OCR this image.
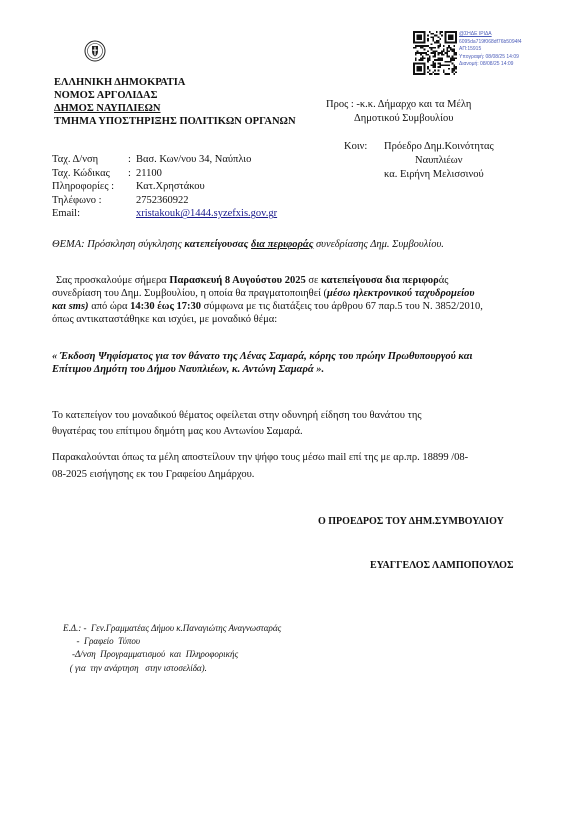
@ΣΗΔΕ ΙΡΙΔΑ
6095da719f068df76b5094f4
ΑΠ:15915
Υπογραφή: 08/08/25 14:09
Διανομή: 08/08/25 14:09
ΕΛΛΗΝΙΚΗ ΔΗΜΟΚΡΑΤΙΑ
ΝΟΜΟΣ ΑΡΓΟΛΙΔΑΣ
ΔΗΜΟΣ ΝΑΥΠΛΙΕΩΝ
ΤΜΗΜΑ ΥΠΟΣΤΗΡΙΞΗΣ ΠΟΛΙΤΙΚΩΝ ΟΡΓΑΝΩΝ
Προς : -κ.κ. Δήμαρχο και τα Μέλη
Δημοτικού Συμβουλίου
Κοιν: Πρόεδρο Δημ.Κοινότητας
Ναυπλιέων
κα. Ειρήνη Μελισσινού
Ταχ. Δ/νση	: Βασ. Κων/νου 34, Ναύπλιο
Ταχ. Κώδικας	: 21100
Πληροφορίες :	Κατ.Χρηστάκου
Τηλέφωνο :	2752360922
Email:	xristakouk@1444.syzefxis.gov.gr
ΘΕΜΑ: Πρόσκληση σύγκλησης κατεπείγουσας δια περιφοράς συνεδρίασης Δημ. Συμβουλίου.
Σας προσκαλούμε σήμερα Παρασκευή 8 Αυγούστου 2025 σε κατεπείγουσα δια περιφοράς
συνεδρίαση του Δημ. Συμβουλίου, η οποία θα πραγματοποιηθεί (μέσω ηλεκτρονικού ταχυδρομείου
και sms) από ώρα 14:30 έως 17:30 σύμφωνα με τις διατάξεις του άρθρου 67 παρ.5 του Ν. 3852/2010,
όπως αντικαταστάθηκε και ισχύει, με μοναδικό θέμα:
« Έκδοση Ψηφίσματος για τον θάνατο της Λένας Σαμαρά, κόρης του πρώην Πρωθυπουργού και
Επίτιμου Δημότη του Δήμου Ναυπλιέων, κ. Αντώνη Σαμαρά ».
Το κατεπείγον του μοναδικού θέματος οφείλεται στην οδυνηρή είδηση του θανάτου της
θυγατέρας του επίτιμου δημότη μας κου Αντωνίου Σαμαρά.
Παρακαλούνται όπως τα μέλη αποστείλουν την ψήφο τους μέσω mail επί της με αρ.πρ. 18899 /08-
08-2025 εισήγησης εκ του Γραφείου Δημάρχου.
Ο ΠΡΟΕΔΡΟΣ ΤΟΥ ΔΗΜ.ΣΥΜΒΟΥΛΙΟΥ
ΕΥΑΓΓΕΛΟΣ ΛΑΜΠΟΠΟΥΛΟΣ
Ε.Δ.: -  Γεν.Γραμματέας Δήμου κ.Παναγιώτης Αναγνωσταράς
-  Γραφείο  Τύπου
-Δ/νση  Προγραμματισμού  και  Πληροφορικής
( για  την ανάρτηση   στην ιστοσελίδα).
